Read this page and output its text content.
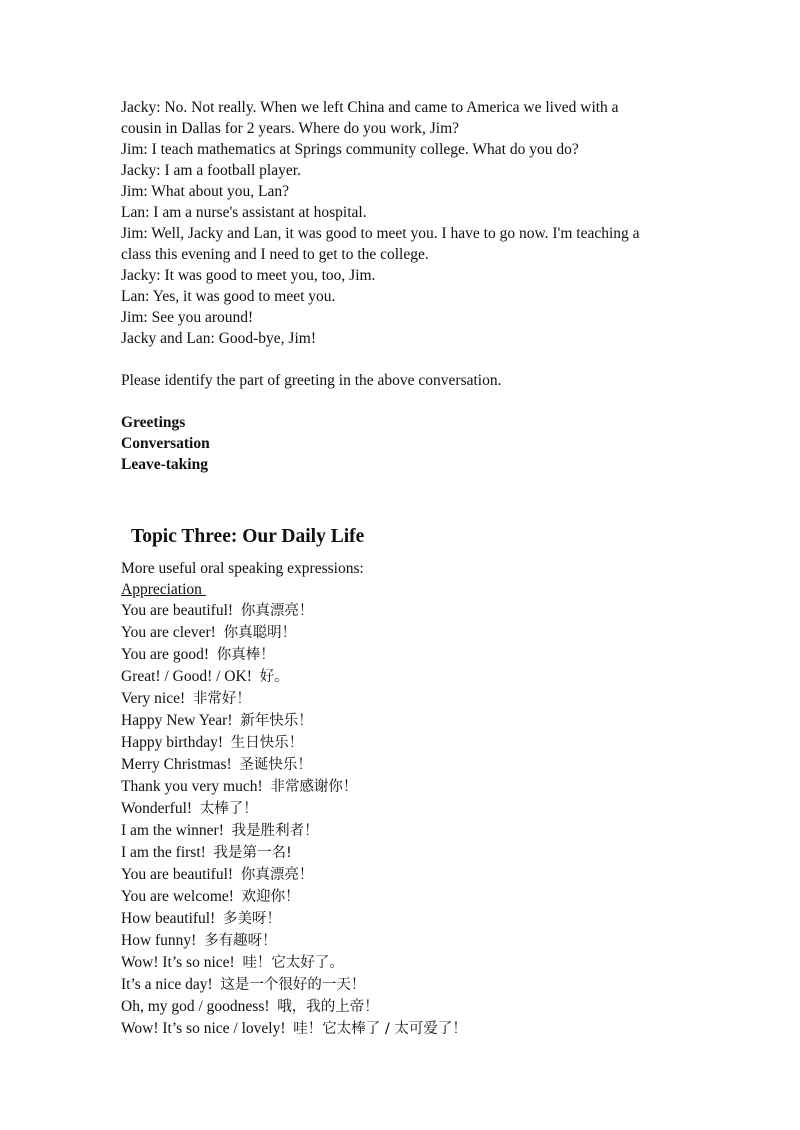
Jacky: No. Not really. When we left China and came to America we lived with a
cousin in Dallas for 2 years. Where do you work, Jim?
Jim: I teach mathematics at Springs community college. What do you do?
Jacky: I am a football player.
Jim: What about you, Lan?
Lan: I am a nurse's assistant at hospital.
Jim: Well, Jacky and Lan, it was good to meet you. I have to go now. I'm teaching a
class this evening and I need to get to the college.
Jacky: It was good to meet you, too, Jim.
Lan: Yes, it was good to meet you.
Jim: See you around!
Jacky and Lan: Good-bye, Jim!
Please identify the part of greeting in the above conversation.
Greetings
Conversation
Leave-taking
Topic Three: Our Daily Life
More useful oral speaking expressions:
Appreciation
You are beautiful! 你真漂亮！
You are clever! 你真聪明！
You are good! 你真棒！
Great! / Good! / OK! 好。
Very nice! 非常好！
Happy New Year! 新年快乐！
Happy birthday! 生日快乐！
Merry Christmas! 圣诞快乐！
Thank you very much! 非常感谢你！
Wonderful! 太棒了！
I am the winner! 我是胜利者！
I am the first! 我是第一名!
You are beautiful! 你真漂亮！
You are welcome! 欢迎你！
How beautiful! 多美呀！
How funny! 多有趣呀！
Wow! It’s so nice! 哇！它太好了。
It’s a nice day! 这是一个很好的一天！
Oh, my god / goodness! 哦，我的上帝！
Wow! It’s so nice / lovely! 哇！它太棒了 / 太可爱了！
